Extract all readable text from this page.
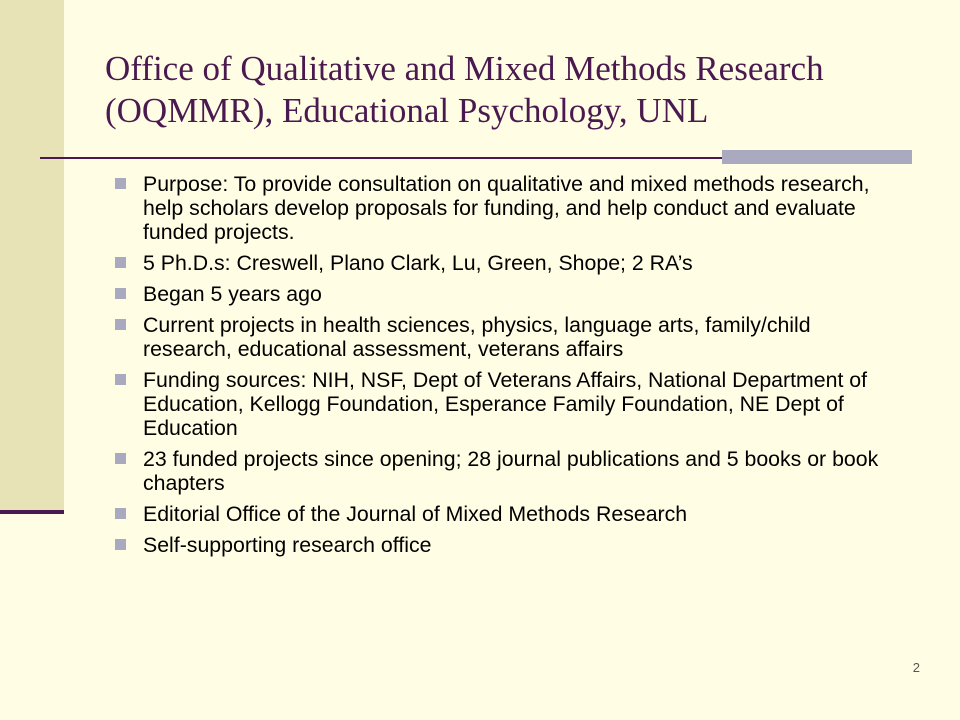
Office of Qualitative and Mixed Methods Research (OQMMR), Educational Psychology, UNL
Purpose: To provide consultation on qualitative and mixed methods research, help scholars develop proposals for funding, and help conduct and evaluate funded projects.
5 Ph.D.s: Creswell, Plano Clark, Lu, Green, Shope; 2 RA’s
Began 5 years ago
Current projects in health sciences, physics, language arts, family/child research, educational assessment, veterans affairs
Funding sources: NIH, NSF, Dept of Veterans Affairs, National Department of Education, Kellogg Foundation, Esperance Family Foundation, NE Dept of Education
23 funded projects since opening; 28 journal publications and 5 books or book chapters
Editorial Office of the Journal of Mixed Methods Research
Self-supporting research office
2
